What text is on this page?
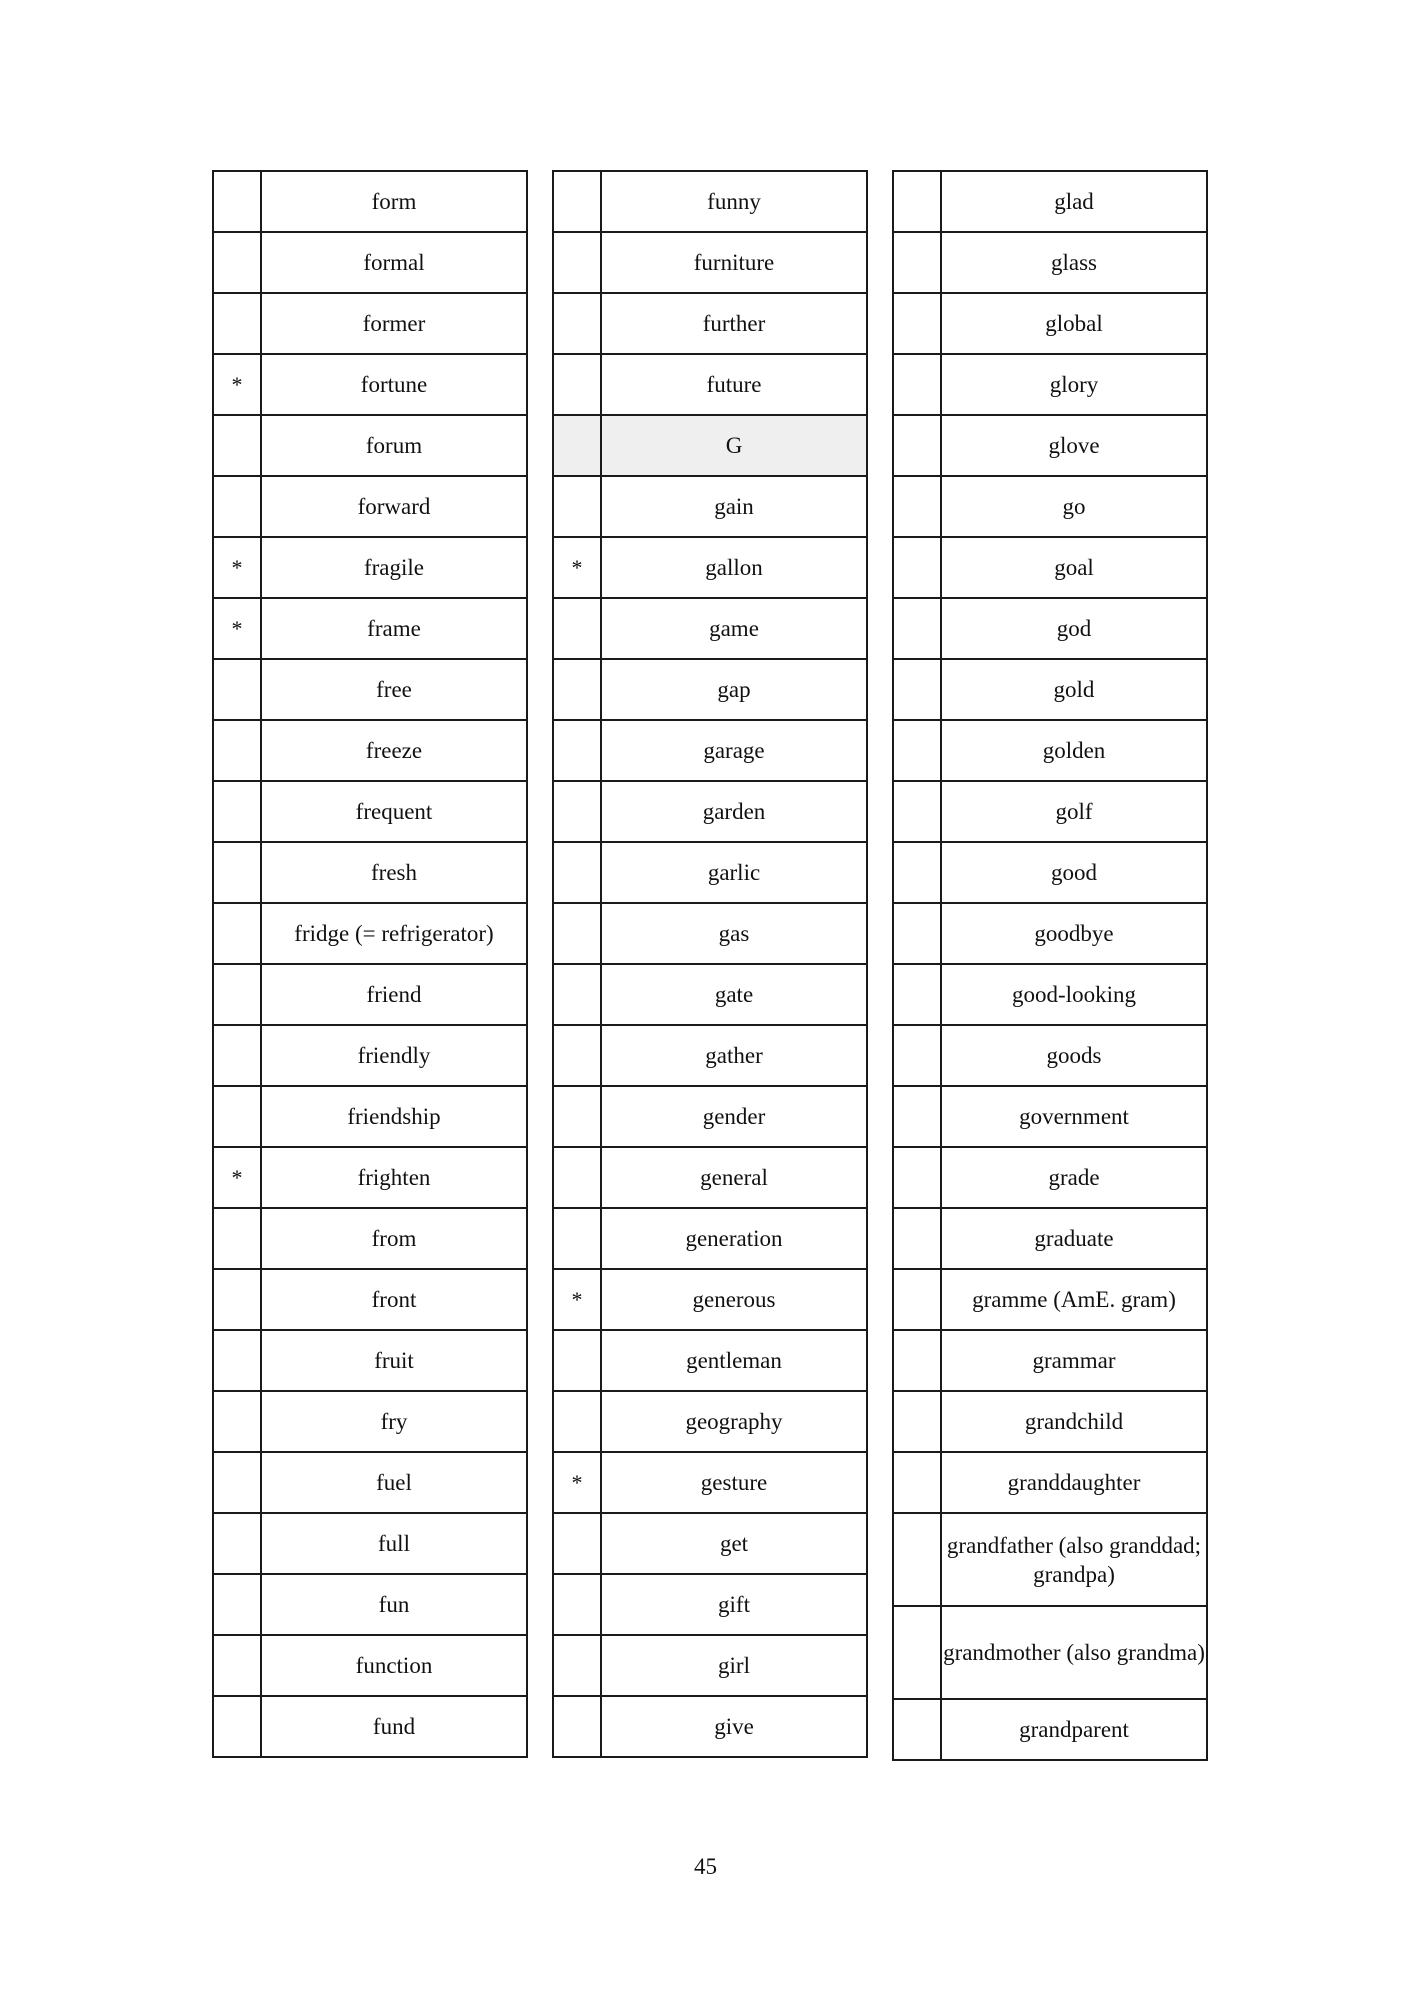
	form
	formal
	former
*	fortune
	forum
	forward
*	fragile
*	frame
	free
	freeze
	frequent
	fresh
	fridge (= refrigerator)
	friend
	friendly
	friendship
*	frighten
	from
	front
	fruit
	fry
	fuel
	full
	fun
	function
	fund
	funny
	furniture
	further
	future
	G
	gain
*	gallon
	game
	gap
	garage
	garden
	garlic
	gas
	gate
	gather
	gender
	general
	generation
*	generous
	gentleman
	geography
*	gesture
	get
	gift
	girl
	give
	glad
	glass
	global
	glory
	glove
	go
	goal
	god
	gold
	golden
	golf
	good
	goodbye
	good-looking
	goods
	government
	grade
	graduate
	gramme (AmE. gram)
	grammar
	grandchild
	granddaughter
	grandfather (also granddad; grandpa)
	grandmother (also grandma)
	grandparent
45
